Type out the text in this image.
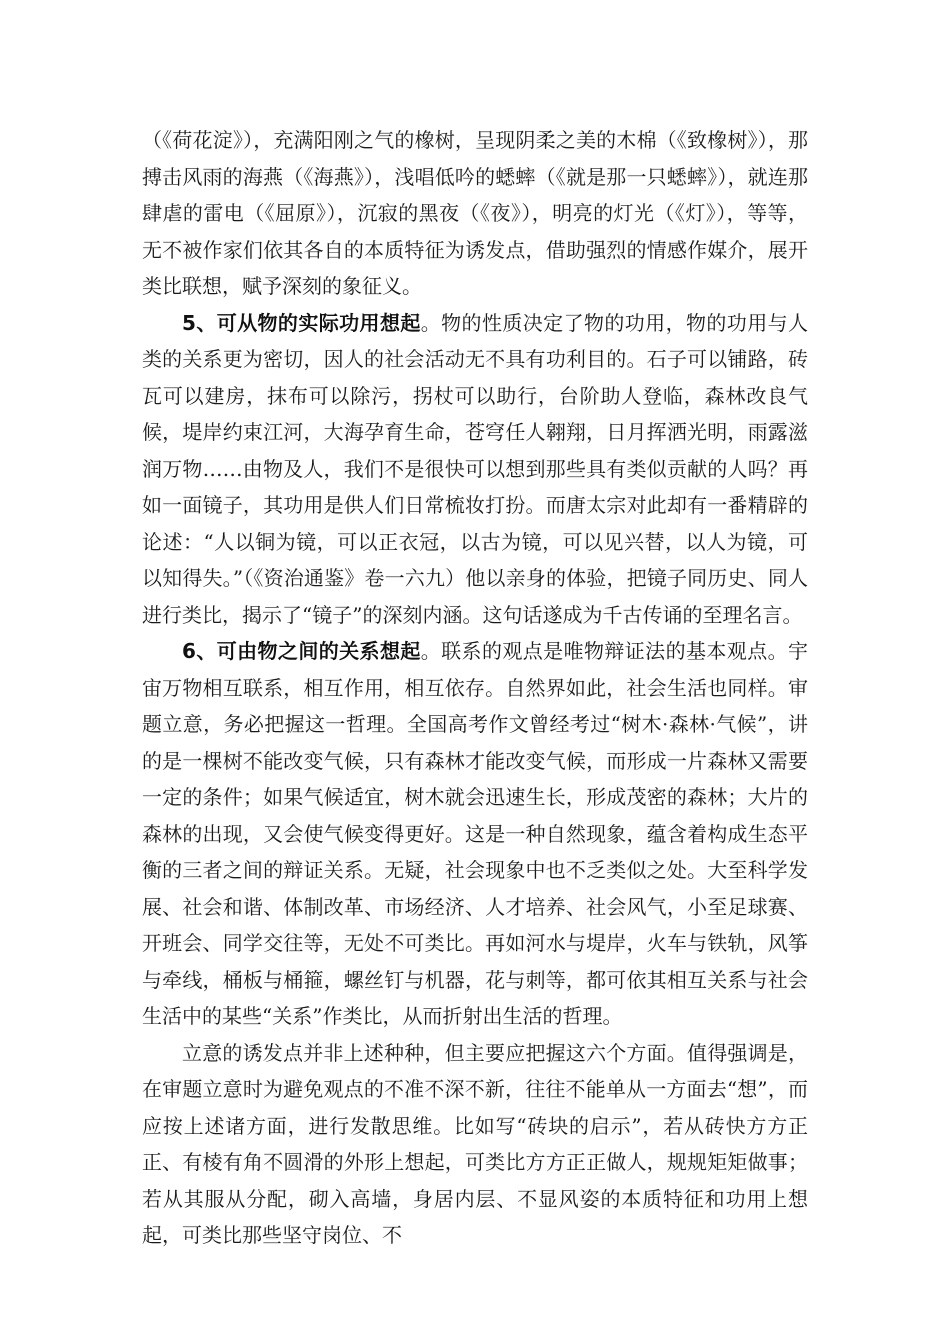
（《荷花淀》），充满阳刚之气的橡树，呈现阴柔之美的木棉（《致橡树》），那搏击风雨的海燕（《海燕》），浅唱低吟的蟋蟀（《就是那一只蟋蟀》），就连那肆虐的雷电（《屈原》），沉寂的黑夜（《夜》），明亮的灯光（《灯》），等等，无不被作家们依其各自的本质特征为诱发点，借助强烈的情感作媒介，展开类比联想，赋予深刻的象征义。

5、可从物的实际功用想起。物的性质决定了物的功用，物的功用与人类的关系更为密切，因人的社会活动无不具有功利目的。石子可以铺路，砖瓦可以建房，抹布可以除污，拐杖可以助行，台阶助人登临，森林改良气候，堤岸约束江河，大海孕育生命，苍穹任人翱翔，日月挥洒光明，雨露滋润万物……由物及人，我们不是很快可以想到那些具有类似贡献的人吗？再如一面镜子，其功用是供人们日常梳妆打扮。而唐太宗对此却有一番精辟的论述：“人以铜为镜，可以正衣冠，以古为镜，可以见兴替，以人为镜，可以知得失。”（《资治通鉴》卷一六九）他以亲身的体验，把镜子同历史、同人进行类比，揭示了“镜子”的深刻内涵。这句话遂成为千古传诵的至理名言。

6、可由物之间的关系想起。联系的观点是唯物辩证法的基本观点。宇宙万物相互联系，相互作用，相互依存。自然界如此，社会生活也同样。审题立意，务必把握这一哲理。全国高考作文曾经考过“树木·森林·气候”，讲的是一棵树不能改变气候，只有森林才能改变气候，而形成一片森林又需要一定的条件；如果气候适宜，树木就会迅速生长，形成茂密的森林；大片的森林的出现，又会使气候变得更好。这是一种自然现象，蕴含着构成生态平衡的三者之间的辩证关系。无疑，社会现象中也不乏类似之处。大至科学发展、社会和谐、体制改革、市场经济、人才培养、社会风气，小至足球赛、开班会、同学交往等，无处不可类比。再如河水与堤岸，火车与铁轨，风筝与牵线，桶板与桶箍，螺丝钉与机器，花与刺等，都可依其相互关系与社会生活中的某些“关系”作类比，从而折射出生活的哲理。

立意的诱发点并非上述种种，但主要应把握这六个方面。值得强调是，在审题立意时为避免观点的不准不深不新，往往不能单从一方面去“想”，而应按上述诸方面，进行发散思维。比如写“砖块的启示”，若从砖快方方正正、有棱有角不圆滑的外形上想起，可类比方方正正做人，规规矩矩做事；若从其服从分配，砌入高墙，身居内层、不显风姿的本质特征和功用上想起，可类比那些坚守岗位、不
